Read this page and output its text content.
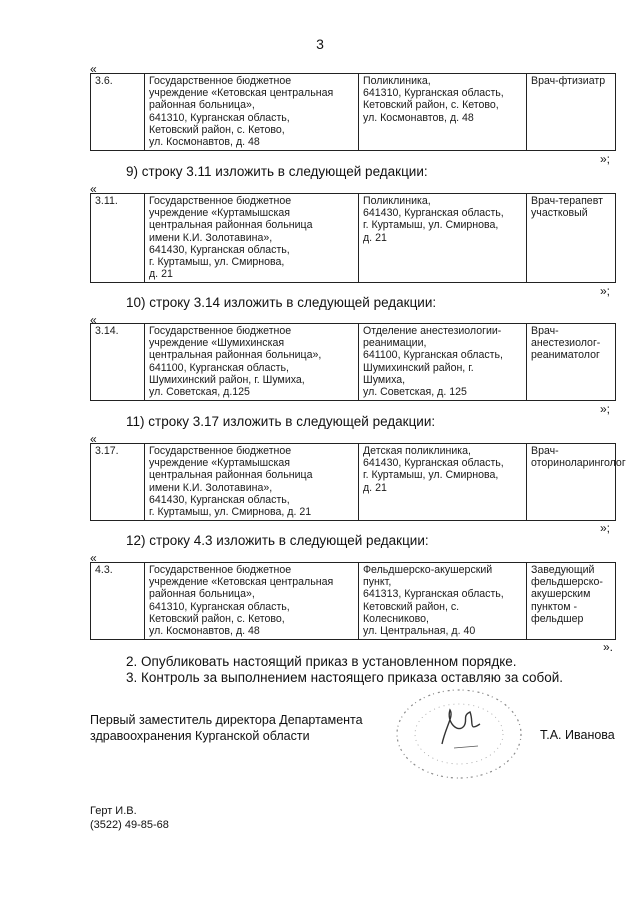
3
«
3.6.	Государственное бюджетное
учреждение «Кетовская центральная
районная больница»,
641310, Курганская область,
Кетовский район, с. Кетово,
ул. Космонавтов, д. 48	Поликлиника,
641310, Курганская область,
Кетовский район, с. Кетово,
ул. Космонавтов, д. 48	Врач-фтизиатр
»;
9) строку 3.11 изложить в следующей редакции:
«
3.11.	Государственное бюджетное
учреждение «Куртамышская
центральная районная больница
имени К.И. Золотавина»,
641430, Курганская область,
г. Куртамыш, ул. Смирнова,
д. 21	Поликлиника,
641430, Курганская область,
г. Куртамыш, ул. Смирнова,
д. 21	Врач-терапевт
участковый
»;
10) строку 3.14 изложить в следующей редакции:
«
3.14.	Государственное бюджетное
учреждение «Шумихинская
центральная районная больница»,
641100, Курганская область,
Шумихинский район, г. Шумиха,
ул. Советская, д.125	Отделение анестезиологии-
реанимации,
641100, Курганская область,
Шумихинский район, г.
Шумиха,
ул. Советская, д. 125	Врач-анестезиолог-
реаниматолог
»;
11) строку 3.17 изложить в следующей редакции:
«
3.17.	Государственное бюджетное
учреждение «Куртамышская
центральная районная больница
имени К.И. Золотавина»,
641430, Курганская область,
г. Куртамыш, ул. Смирнова, д. 21	Детская поликлиника,
641430, Курганская область,
г. Куртамыш, ул. Смирнова,
д. 21	Врач-
оториноларинголог
»;
12) строку 4.3 изложить в следующей редакции:
«
4.3.	Государственное бюджетное
учреждение «Кетовская центральная
районная больница»,
641310, Курганская область,
Кетовский район, с. Кетово,
ул. Космонавтов, д. 48	Фельдшерско-акушерский
пункт,
641313, Курганская область,
Кетовский район, с.
Колесниково,
ул. Центральная, д. 40	Заведующий
фельдшерско-
акушерским пунктом -
фельдшер
».
2. Опубликовать настоящий приказ в установленном порядке.
3. Контроль за выполнением настоящего приказа оставляю за собой.
Первый заместитель директора Департамента
здравоохранения Курганской области	Т.А. Иванова
Герт И.В.
(3522) 49-85-68
